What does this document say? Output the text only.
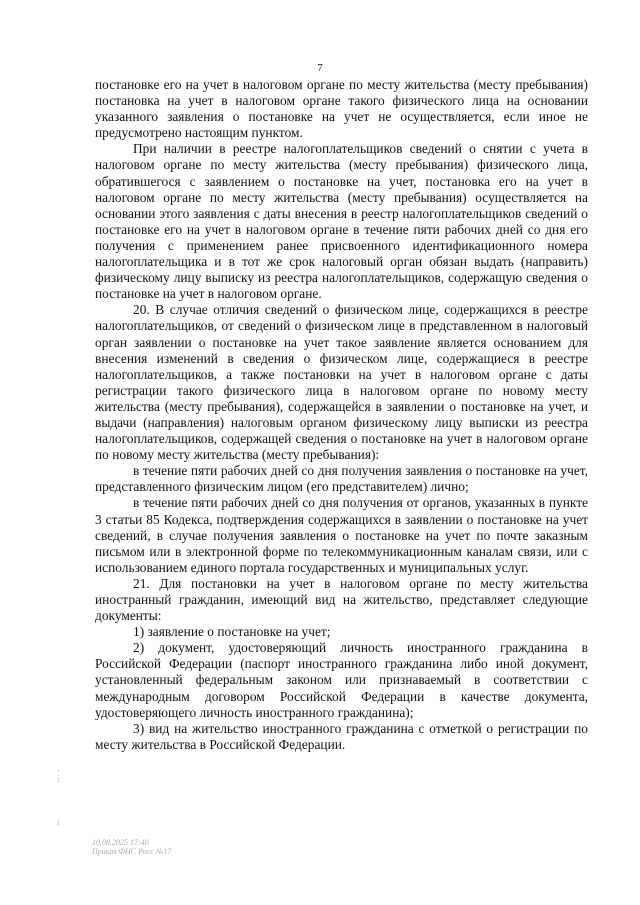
7

постановке его на учет в налоговом органе по месту жительства (месту пребывания) постановка на учет в налоговом органе такого физического лица на основании указанного заявления о постановке на учет не осуществляется, если иное не предусмотрено настоящим пунктом.

При наличии в реестре налогоплательщиков сведений о снятии с учета в налоговом органе по месту жительства (месту пребывания) физического лица, обратившегося с заявлением о постановке на учет, постановка его на учет в налоговом органе по месту жительства (месту пребывания) осуществляется на основании этого заявления с даты внесения в реестр налогоплательщиков сведений о постановке его на учет в налоговом органе в течение пяти рабочих дней со дня его получения с применением ранее присвоенного идентификационного номера налогоплательщика и в тот же срок налоговый орган обязан выдать (направить) физическому лицу выписку из реестра налогоплательщиков, содержащую сведения о постановке на учет в налоговом органе.

20. В случае отличия сведений о физическом лице, содержащихся в реестре налогоплательщиков, от сведений о физическом лице в представленном в налоговый орган заявлении о постановке на учет такое заявление является основанием для внесения изменений в сведения о физическом лице, содержащиеся в реестре налогоплательщиков, а также постановки на учет в налоговом органе с даты регистрации такого физического лица в налоговом органе по новому месту жительства (месту пребывания), содержащейся в заявлении о постановке на учет, и выдачи (направления) налоговым органом физическому лицу выписки из реестра налогоплательщиков, содержащей сведения о постановке на учет в налоговом органе по новому месту жительства (месту пребывания):

в течение пяти рабочих дней со дня получения заявления о постановке на учет, представленного физическим лицом (его представителем) лично;

в течение пяти рабочих дней со дня получения от органов, указанных в пункте 3 статьи 85 Кодекса, подтверждения содержащихся в заявлении о постановке на учет сведений, в случае получения заявления о постановке на учет по почте заказным письмом или в электронной форме по телекоммуникационным каналам связи, или с использованием единого портала государственных и муниципальных услуг.

21. Для постановки на учет в налоговом органе по месту жительства иностранный гражданин, имеющий вид на жительство, представляет следующие документы:

1) заявление о постановке на учет;

2) документ, удостоверяющий личность иностранного гражданина в Российской Федерации (паспорт иностранного гражданина либо иной документ, установленный федеральным законом или признаваемый в соответствии с международным договором Российской Федерации в качестве документа, удостоверяющего личность иностранного гражданина);

3) вид на жительство иностранного гражданина с отметкой о регистрации по месту жительства в Российской Федерации.

⁚
⁝

⁝
10.08.2025 17:40
Приказ ФНС Росс №17
